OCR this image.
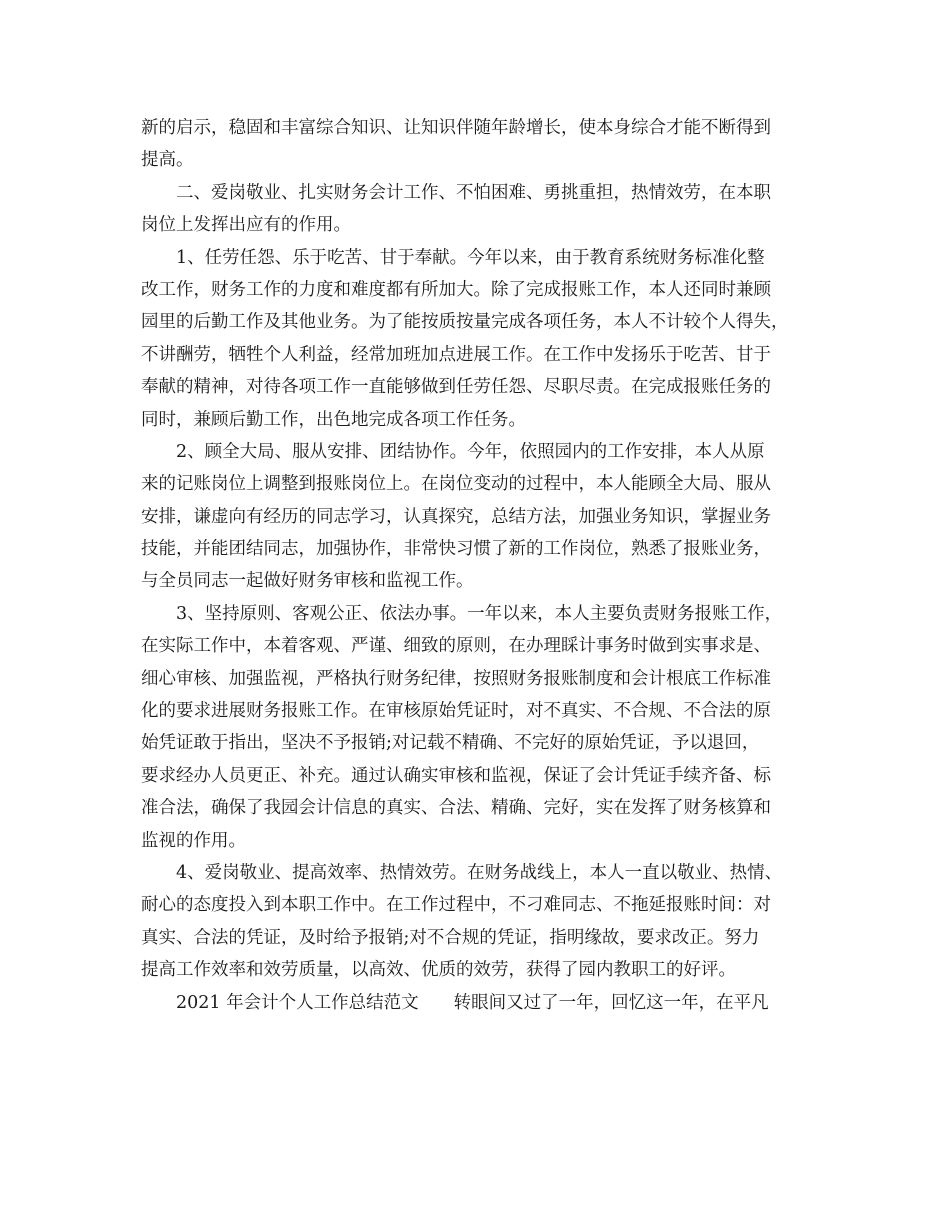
新的启示，稳固和丰富综合知识、让知识伴随年龄增长，使本身综合才能不断得到
提高。
二、爱岗敬业、扎实财务会计工作、不怕困难、勇挑重担，热情效劳，在本职
岗位上发挥出应有的作用。
1、任劳任怨、乐于吃苦、甘于奉献。今年以来，由于教育系统财务标准化整
改工作，财务工作的力度和难度都有所加大。除了完成报账工作，本人还同时兼顾
园里的后勤工作及其他业务。为了能按质按量完成各项任务，本人不计较个人得失，
不讲酬劳，牺牲个人利益，经常加班加点进展工作。在工作中发扬乐于吃苦、甘于
奉献的精神，对待各项工作一直能够做到任劳任怨、尽职尽责。在完成报账任务的
同时，兼顾后勤工作，出色地完成各项工作任务。
2、顾全大局、服从安排、团结协作。今年，依照园内的工作安排，本人从原
来的记账岗位上调整到报账岗位上。在岗位变动的过程中，本人能顾全大局、服从
安排，谦虚向有经历的同志学习，认真探究，总结方法，加强业务知识，掌握业务
技能，并能团结同志，加强协作，非常快习惯了新的工作岗位，熟悉了报账业务，
与全员同志一起做好财务审核和监视工作。
3、坚持原则、客观公正、依法办事。一年以来，本人主要负责财务报账工作，
在实际工作中，本着客观、严谨、细致的原则，在办理睬计事务时做到实事求是、
细心审核、加强监视，严格执行财务纪律，按照财务报账制度和会计根底工作标准
化的要求进展财务报账工作。在审核原始凭证时，对不真实、不合规、不合法的原
始凭证敢于指出，坚决不予报销;对记载不精确、不完好的原始凭证，予以退回，
要求经办人员更正、补充。通过认确实审核和监视，保证了会计凭证手续齐备、标
准合法，确保了我园会计信息的真实、合法、精确、完好，实在发挥了财务核算和
监视的作用。
4、爱岗敬业、提高效率、热情效劳。在财务战线上，本人一直以敬业、热情、
耐心的态度投入到本职工作中。在工作过程中，不刁难同志、不拖延报账时间：对
真实、合法的凭证，及时给予报销;对不合规的凭证，指明缘故，要求改正。努力
提高工作效率和效劳质量，以高效、优质的效劳，获得了园内教职工的好评。
2021 年会计个人工作总结范文　　转眼间又过了一年，回忆这一年，在平凡
